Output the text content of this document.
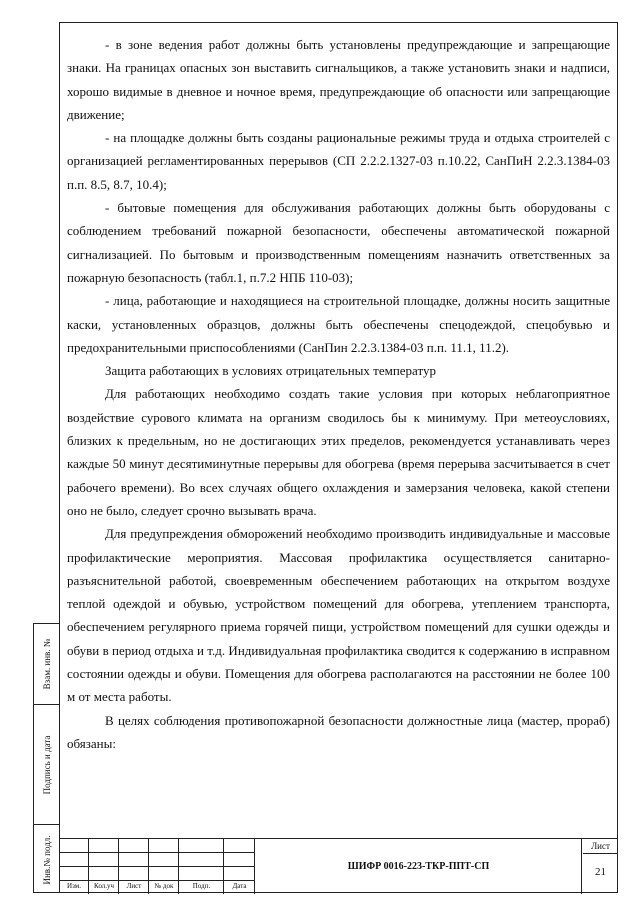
Взам. инв. №
Подпись и дата
Инв.№ подл.

- в зоне ведения работ должны быть установлены предупреждающие и запрещающие знаки. На границах опасных зон выставить сигнальщиков, а также установить знаки и надписи, хорошо видимые в дневное и ночное время, предупреждающие об опасности или запрещающие движение;

- на площадке должны быть созданы рациональные режимы труда и отдыха строителей с организацией регламентированных перерывов (СП 2.2.2.1327-03 п.10.22, СанПиН 2.2.3.1384-03 п.п. 8.5, 8.7, 10.4);

- бытовые помещения для обслуживания работающих должны быть оборудованы с соблюдением требований пожарной безопасности, обеспечены автоматической пожарной сигнализацией. По бытовым и производственным помещениям назначить ответственных за пожарную безопасность (табл.1, п.7.2 НПБ 110-03);

- лица, работающие и находящиеся на строительной площадке, должны носить защитные каски, установленных образцов, должны быть обеспечены спецодеждой, спецобувью и предохранительными приспособлениями (СанПин 2.2.3.1384-03 п.п. 11.1, 11.2).

Защита работающих в условиях отрицательных температур

Для работающих необходимо создать такие условия при которых неблагоприятное воздействие сурового климата на организм сводилось бы к минимуму. При метеоусловиях, близких к предельным, но не достигающих этих пределов, рекомендуется устанавливать через каждые 50 минут десятиминутные перерывы для обогрева (время перерыва засчитывается в счет рабочего времени). Во всех случаях общего охлаждения и замерзания человека, какой степени оно не было, следует срочно вызывать врача.

Для предупреждения обморожений необходимо производить индивидуальные и массовые профилактические мероприятия. Массовая профилактика осуществляется санитарно-разъяснительной работой, своевременным обеспечением работающих на открытом воздухе теплой одеждой и обувью, устройством помещений для обогрева, утеплением транспорта, обеспечением регулярного приема горячей пищи, устройством помещений для сушки одежды и обуви в период отдыха и т.д. Индивидуальная профилактика сводится к содержанию в исправном состоянии одежды и обуви. Помещения для обогрева располагаются на расстоянии не более 100 м от места работы.

В целях соблюдения противопожарной безопасности должностные лица (мастер, прораб) обязаны:

Изм.	Кол.уч	Лист	№ док	Подп.	Дата
ШИФР 0016-223-ТКР-ППТ-СП
Лист
21
